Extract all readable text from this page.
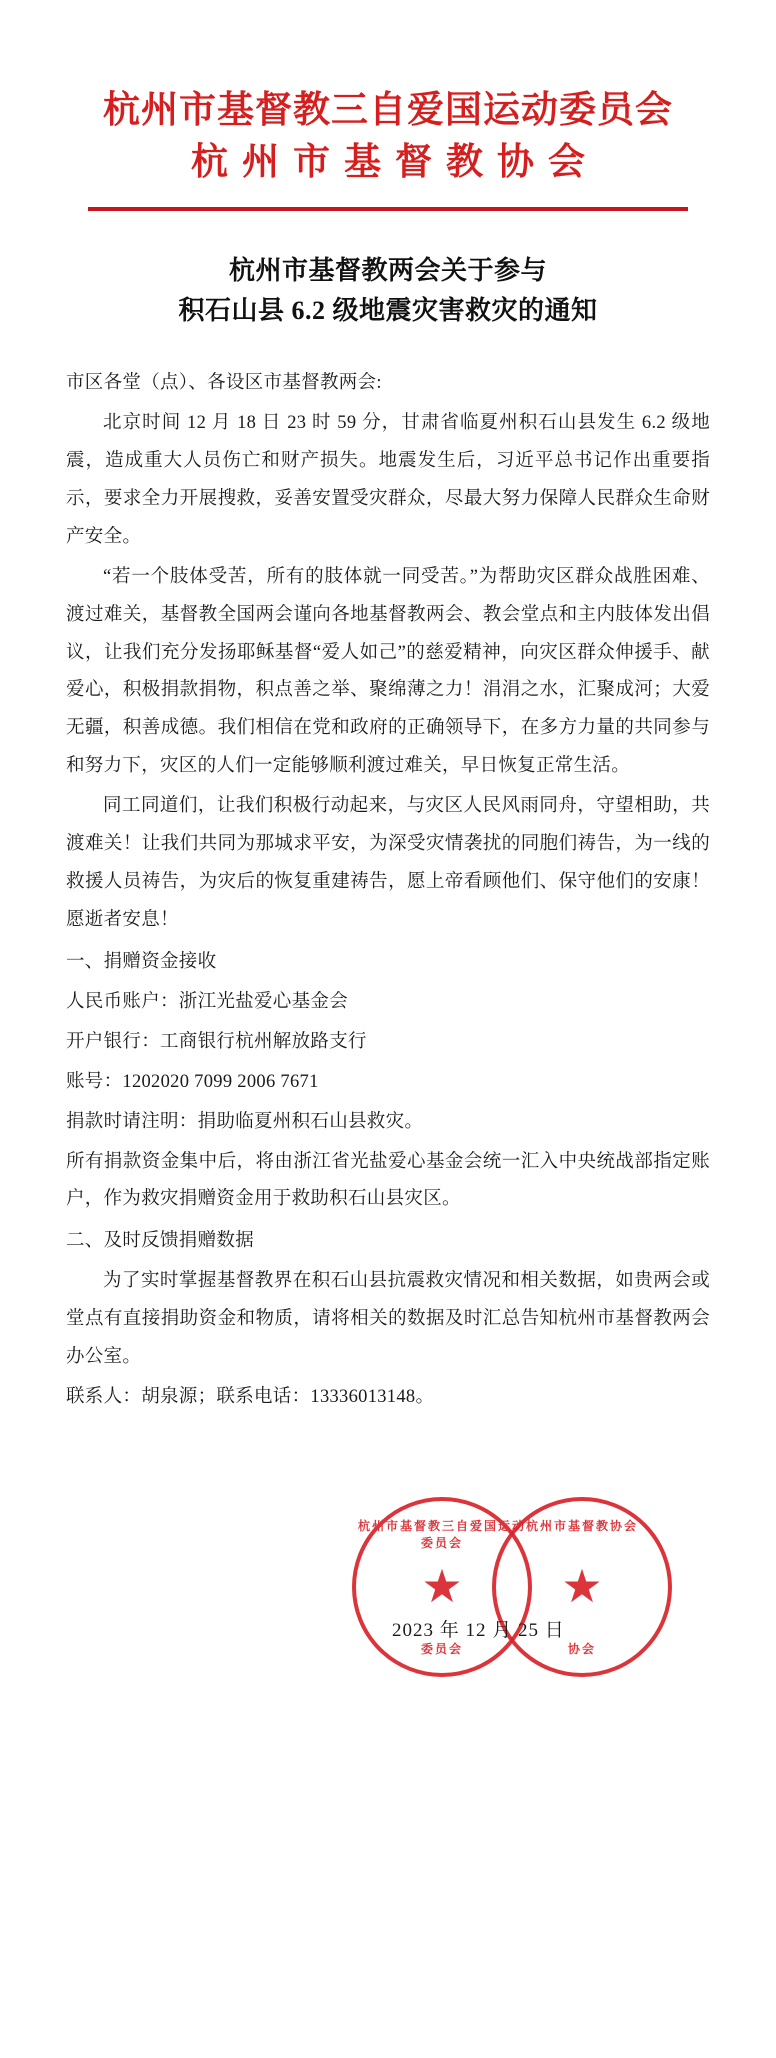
杭州市基督教三自爱国运动委员会
杭州市基督教协会
杭州市基督教两会关于参与
积石山县 6.2 级地震灾害救灾的通知

市区各堂（点）、各设区市基督教两会:

北京时间 12 月 18 日 23 时 59 分，甘肃省临夏州积石山县发生 6.2 级地震，造成重大人员伤亡和财产损失。地震发生后，习近平总书记作出重要指示，要求全力开展搜救，妥善安置受灾群众，尽最大努力保障人民群众生命财产安全。

“若一个肢体受苦，所有的肢体就一同受苦。”为帮助灾区群众战胜困难、渡过难关，基督教全国两会谨向各地基督教两会、教会堂点和主内肢体发出倡议，让我们充分发扬耶稣基督“爱人如己”的慈爱精神，向灾区群众伸援手、献爱心，积极捐款捐物，积点善之举、聚绵薄之力！涓涓之水，汇聚成河；大爱无疆，积善成德。我们相信在党和政府的正确领导下，在多方力量的共同参与和努力下，灾区的人们一定能够顺利渡过难关，早日恢复正常生活。

同工同道们，让我们积极行动起来，与灾区人民风雨同舟，守望相助，共渡难关！让我们共同为那城求平安，为深受灾情袭扰的同胞们祷告，为一线的救援人员祷告，为灾后的恢复重建祷告，愿上帝看顾他们、保守他们的安康！愿逝者安息！

一、捐赠资金接收

人民币账户：浙江光盐爱心基金会

开户银行：工商银行杭州解放路支行

账号：1202020 7099 2006 7671

捐款时请注明：捐助临夏州积石山县救灾。

所有捐款资金集中后，将由浙江省光盐爱心基金会统一汇入中央统战部指定账户，作为救灾捐赠资金用于救助积石山县灾区。

二、及时反馈捐赠数据

为了实时掌握基督教界在积石山县抗震救灾情况和相关数据，如贵两会或堂点有直接捐助资金和物质，请将相关的数据及时汇总告知杭州市基督教两会办公室。

联系人：胡泉源；联系电话：13336013148。

杭州市基督教三自爱国运动委员会
★
委员会
杭州市基督教协会
★
协会
2023 年 12 月 25 日
